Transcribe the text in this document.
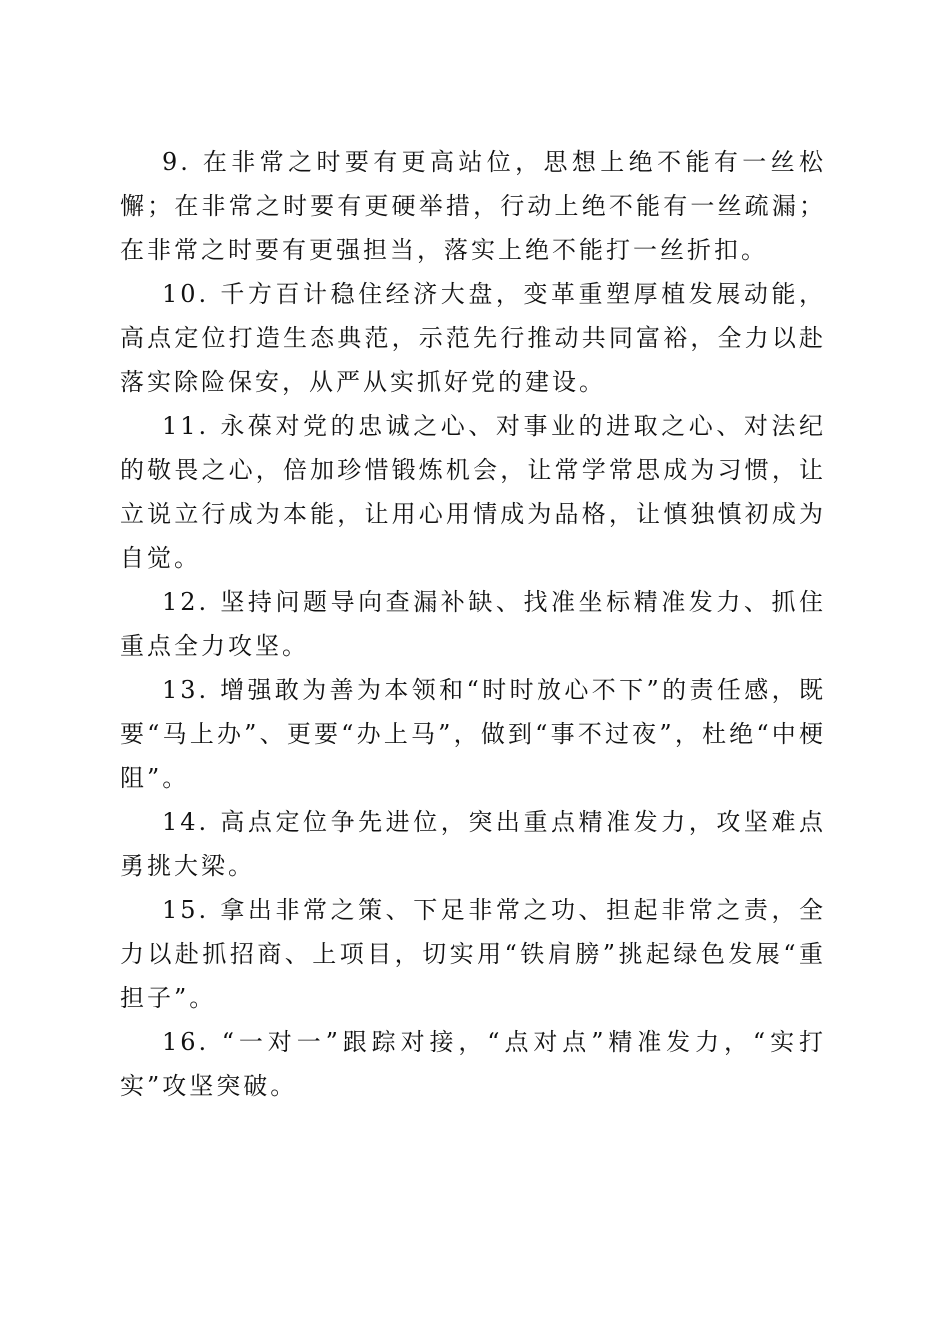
9. 在非常之时要有更高站位，思想上绝不能有一丝松懈；在非常之时要有更硬举措，行动上绝不能有一丝疏漏；在非常之时要有更强担当，落实上绝不能打一丝折扣。

10. 千方百计稳住经济大盘，变革重塑厚植发展动能，高点定位打造生态典范，示范先行推动共同富裕，全力以赴落实除险保安，从严从实抓好党的建设。

11. 永葆对党的忠诚之心、对事业的进取之心、对法纪的敬畏之心，倍加珍惜锻炼机会，让常学常思成为习惯，让立说立行成为本能，让用心用情成为品格，让慎独慎初成为自觉。

12. 坚持问题导向查漏补缺、找准坐标精准发力、抓住重点全力攻坚。

13. 增强敢为善为本领和“时时放心不下”的责任感，既要“马上办”、更要“办上马”，做到“事不过夜”，杜绝“中梗阻”。

14. 高点定位争先进位，突出重点精准发力，攻坚难点勇挑大梁。

15. 拿出非常之策、下足非常之功、担起非常之责，全力以赴抓招商、上项目，切实用“铁肩膀”挑起绿色发展“重担子”。

16. “一对一”跟踪对接，“点对点”精准发力，“实打实”攻坚突破。
